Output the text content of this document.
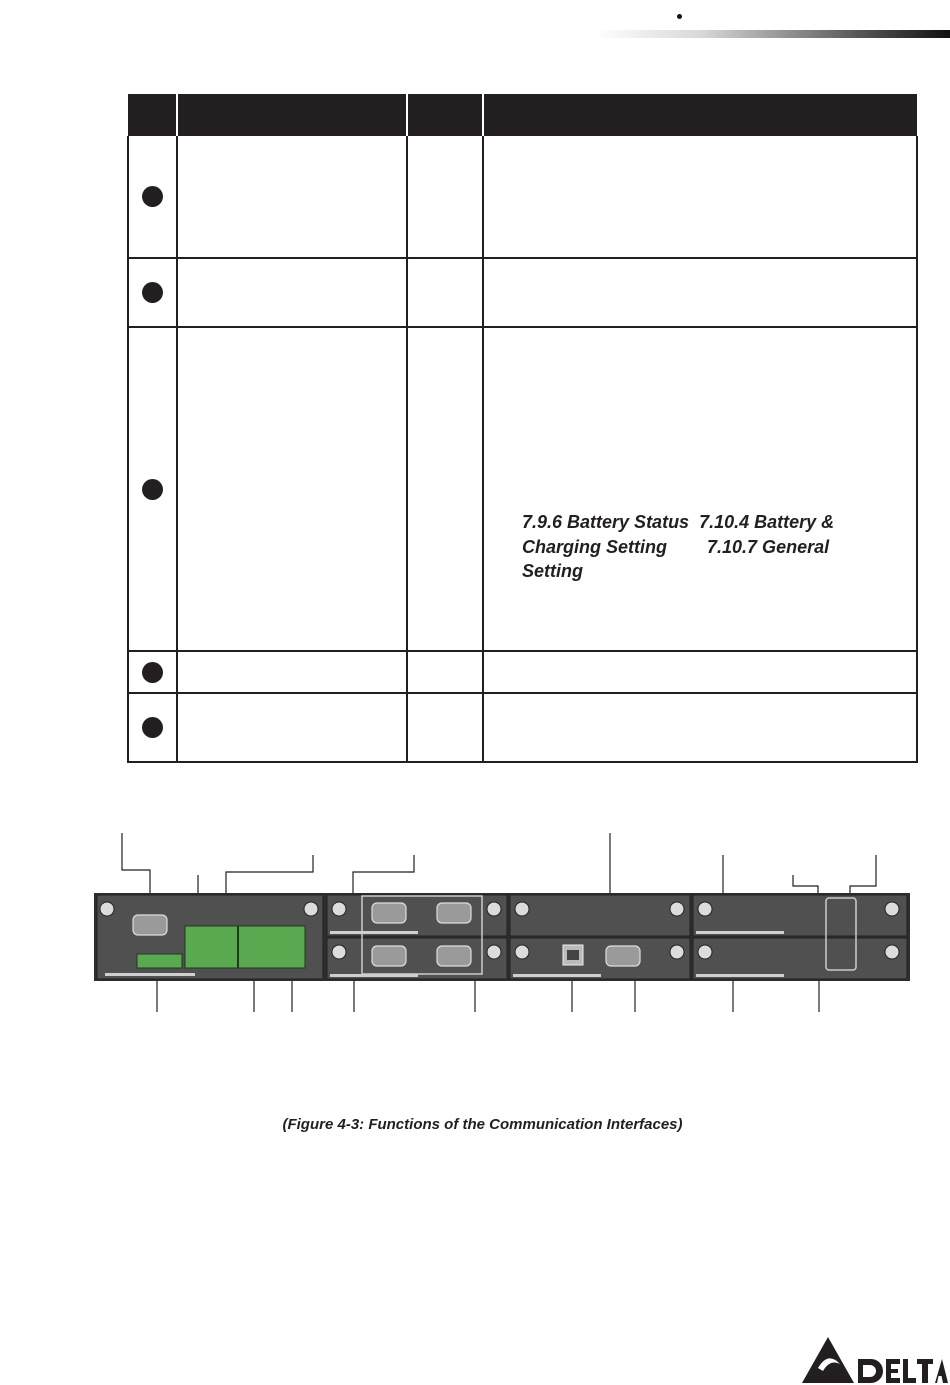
			7.9.6 Battery Status 7.10.4 Battery &
Charging Setting 7.10.7 General
Setting

(Figure 4-3: Functions of the Communication Interfaces)
